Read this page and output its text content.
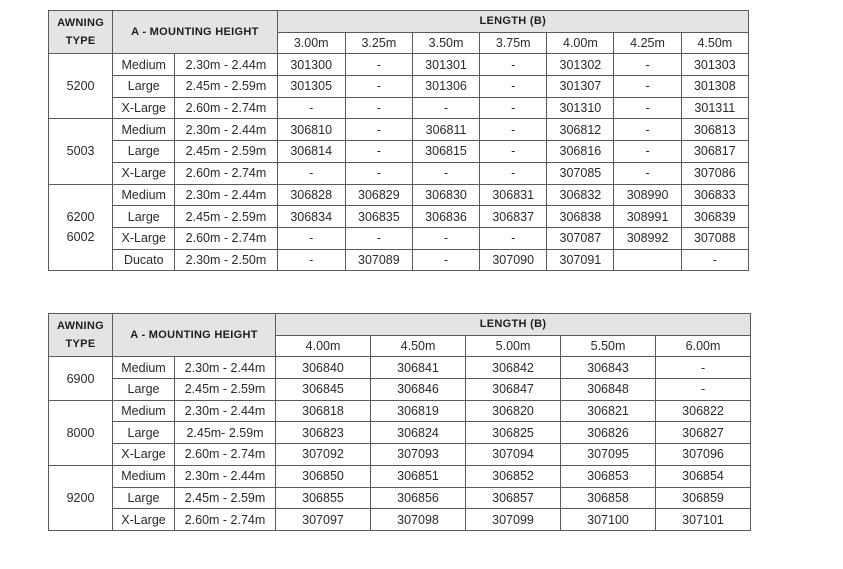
AWNING TYPE	A - MOUNTING HEIGHT		LENGTH (B)						
			3.00m	3.25m	3.50m	3.75m	4.00m	4.25m	4.50m

5200	Medium	2.30m - 2.44m	301300	-	301301	-	301302	-	301303
	Large	2.45m - 2.59m	301305	-	301306	-	301307	-	301308
	X-Large	2.60m - 2.74m	-	-	-	-	301310	-	301311

5003	Medium	2.30m - 2.44m	306810	-	306811	-	306812	-	306813
	Large	2.45m - 2.59m	306814	-	306815	-	306816	-	306817
	X-Large	2.60m - 2.74m	-	-	-	-	307085	-	307086

6200
6002	Medium	2.30m - 2.44m	306828	306829	306830	306831	306832	308990	306833
	Large	2.45m - 2.59m	306834	306835	306836	306837	306838	308991	306839
	X-Large	2.60m - 2.74m	-	-	-	-	307087	308992	307088
	Ducato	2.30m - 2.50m	-	307089	-	307090	307091		-
AWNING TYPE	A - MOUNTING HEIGHT		LENGTH (B)				
			4.00m	4.50m	5.00m	5.50m	6.00m

6900	Medium	2.30m - 2.44m	306840	306841	306842	306843	-
	Large	2.45m - 2.59m	306845	306846	306847	306848	-

8000	Medium	2.30m - 2.44m	306818	306819	306820	306821	306822
	Large	2.45m- 2.59m	306823	306824	306825	306826	306827
	X-Large	2.60m - 2.74m	307092	307093	307094	307095	307096

9200	Medium	2.30m - 2.44m	306850	306851	306852	306853	306854
	Large	2.45m - 2.59m	306855	306856	306857	306858	306859
	X-Large	2.60m - 2.74m	307097	307098	307099	307100	307101
